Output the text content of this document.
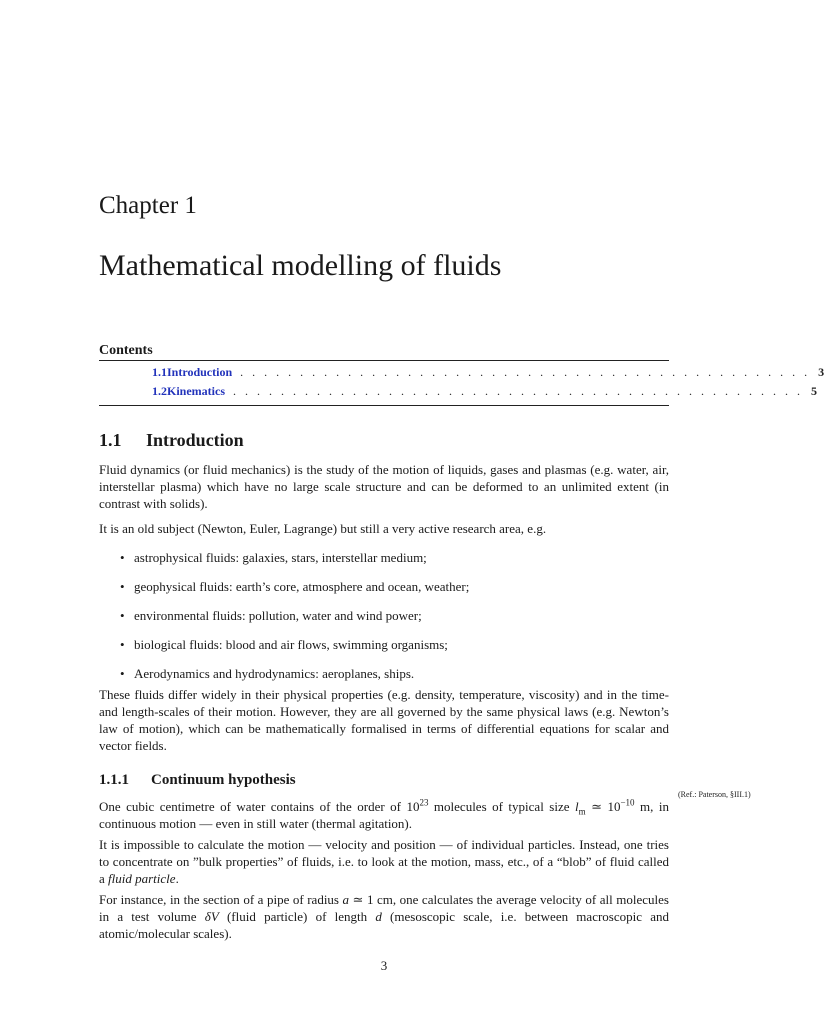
Chapter 1
Mathematical modelling of fluids
Contents
1.1 Introduction . . . . . . . . . . . . . . . . . . . . . . . . . . . . . . . . . . . . . . . . . . . . . . . . 3
1.2 Kinematics . . . . . . . . . . . . . . . . . . . . . . . . . . . . . . . . . . . . . . . . . . . . . . . . 5
1.1 Introduction

Fluid dynamics (or fluid mechanics) is the study of the motion of liquids, gases and plasmas (e.g. water, air, interstellar plasma) which have no large scale structure and can be deformed to an unlimited extent (in contrast with solids).

It is an old subject (Newton, Euler, Lagrange) but still a very active research area, e.g.

• astrophysical fluids: galaxies, stars, interstellar medium;
• geophysical fluids: earth’s core, atmosphere and ocean, weather;
• environmental fluids: pollution, water and wind power;
• biological fluids: blood and air flows, swimming organisms;
• Aerodynamics and hydrodynamics: aeroplanes, ships.

These fluids differ widely in their physical properties (e.g. density, temperature, viscosity) and in the time- and length-scales of their motion. However, they are all governed by the same physical laws (e.g. Newton’s law of motion), which can be mathematically formalised in terms of differential equations for scalar and vector fields.

1.1.1 Continuum hypothesis

One cubic centimetre of water contains of the order of $10^{23}$ molecules of typical size $l_m$ ≃ $10^{-10}$ m, in continuous motion — even in still water (thermal agitation).

It is impossible to calculate the motion — velocity and position — of individual particles. Instead, one tries to concentrate on ”bulk properties” of fluids, i.e. to look at the motion, mass, etc., of a “blob” of fluid called a fluid particle.

For instance, in the section of a pipe of radius a ≃ 1 cm, one calculates the average velocity of all molecules in a test volume δV (fluid particle) of length d (mesoscopic scale, i.e. between macroscopic and atomic/molecular scales).

(Ref.: Paterson, §III.1)
3
